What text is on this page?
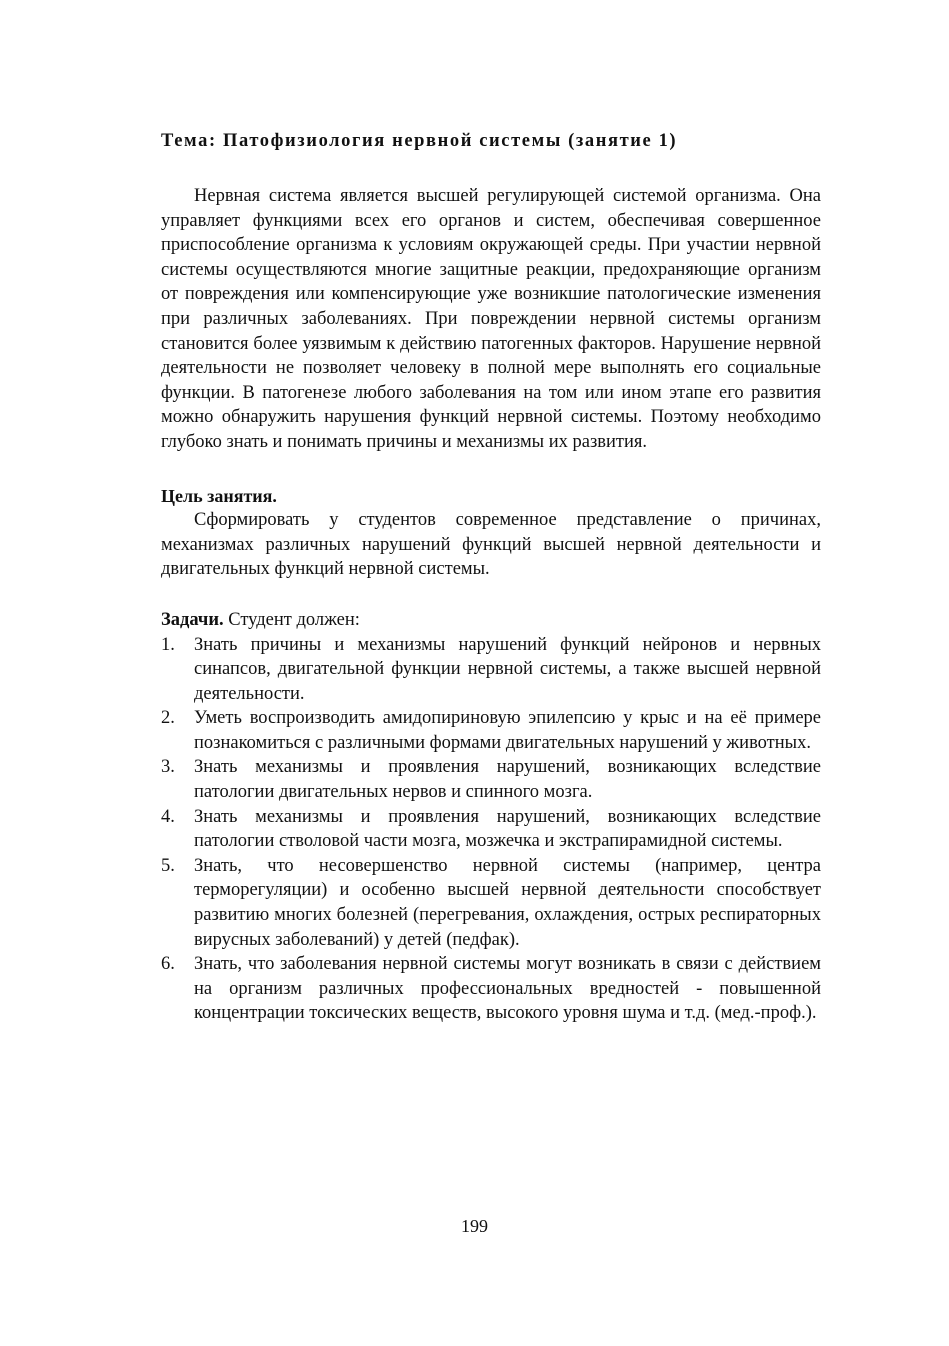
Тема: Патофизиология нервной системы (занятие 1)

Нервная система является высшей регулирующей системой организма. Она управляет функциями всех его органов и систем, обеспечивая совершенное приспособление организма к условиям окружающей среды. При участии нервной системы осуществляются многие защитные реакции, предохраняющие организм от повреждения или компенсирующие уже возникшие патологические изменения при различных заболеваниях. При повреждении нервной системы организм становится более уязвимым к действию патогенных факторов. Нарушение нервной деятельности не позволяет человеку в полной мере выполнять его социальные функции. В патогенезе любого заболевания на том или ином этапе его развития можно обнаружить нарушения функций нервной системы. Поэтому необходимо глубоко знать и понимать причины и механизмы их развития.

Цель занятия.

Сформировать у студентов современное представление о причинах, механизмах различных нарушений функций высшей нервной деятельности и двигательных функций нервной системы.

Задачи. Студент должен:
1. Знать причины и механизмы нарушений функций нейронов и нервных синапсов, двигательной функции нервной системы, а также высшей нервной деятельности.
2. Уметь воспроизводить амидопириновую эпилепсию у крыс и на её примере познакомиться с различными формами двигательных нарушений у животных.
3. Знать механизмы и проявления нарушений, возникающих вследствие патологии двигательных нервов и спинного мозга.
4. Знать механизмы и проявления нарушений, возникающих вследствие патологии стволовой части мозга, мозжечка и экстрапирамидной системы.
5. Знать, что несовершенство нервной системы (например, центра терморегуляции) и особенно высшей нервной деятельности способствует развитию многих болезней (перегревания, охлаждения, острых респираторных вирусных заболеваний) у детей (педфак).
6. Знать, что заболевания нервной системы могут возникать в связи с действием на организм различных профессиональных вредностей - повышенной концентрации токсических веществ, высокого уровня шума и т.д. (мед.-проф.).
199
